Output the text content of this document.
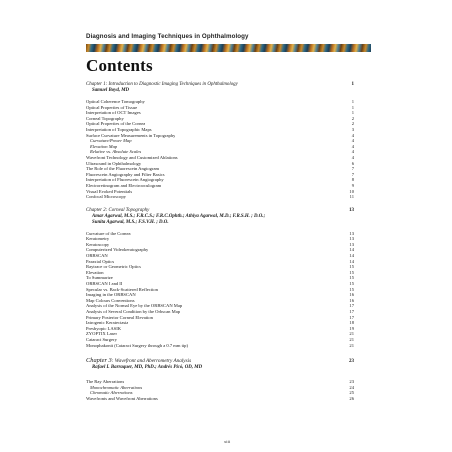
Diagnosis and Imaging Techniques in Ophthalmology
Contents
Chapter 1: Introduction to Diagnostic Imaging Techniques in Ophthalmology	1
Samuel Boyd, MD
Optical Coherence Tomography	1
Optical Properties of Tissue	1
Interpretation of OCT Images	1
Corneal Topography	2
Optical Properties of the Cornea	2
Interpretation of Topographic Maps	3
Surface Curvature Measurements in Topography	4
Curvature/Power Map	4
Elevation Map	4
Relative vs. Absolute Scales	4
Wavefront Technology and Customized Ablations	4
Ultrasound in Ophthalmology	6
The Role of the Fluorescein Angiogram	7
Fluorescein Angiography and Filter Basics	7
Interpretation of Fluorescein Angiography	8
Electroretinogram and Electrooculogram	9
Visual Evoked Potentials	10
Confocal Microscopy	11
Chapter 2: Corneal Topography	13
Amar Agarwal, M.S.; F.R.C.S.; F.R.C.Ophth.; Athiya Agarwal, M.D.; F.R.S.H. ; D.O.;
Sunita Agarwal, M.S.; F.S.V.H. ; D.O.
Curvature of the Cornea	13
Keratometry	13
Keratoscopy	13
Computerized Videokeratography	14
ORBSCAN	14
Paraxial Optics	14
Raytrace or Geometric Optics	15
Elevation	15
To Summarize	15
ORBSCAN I and II	15
Specular vs. Back-Scattered Reflection	15
Imaging in the ORBSCAN	16
Map Colours Conventions	16
Analysis of the Normal Eye by the ORBSCAN Map	17
Analysis of Several Condition by the Orbscan Map	17
Primary Posterior Corneal Elevation	17
Iatrogenic Keratectasia	18
Presbyopic LASIK	19
ZYOPTIX Laser	21
Cataract Surgery	21
Monophakonit (Cataract Surgery through a 0.7 mm tip)	21
Chapter 3: Wavefront and Aberrometry Analysis	23
Rafael I. Barraquer, MD, PhD.; Andrés Picó, OD, MD
The Ray Aberrations	23
Monochromatic Aberrations	24
Chromatic Aberrations	25
Wavefronts and Wavefront Aberrations	26
xiii
